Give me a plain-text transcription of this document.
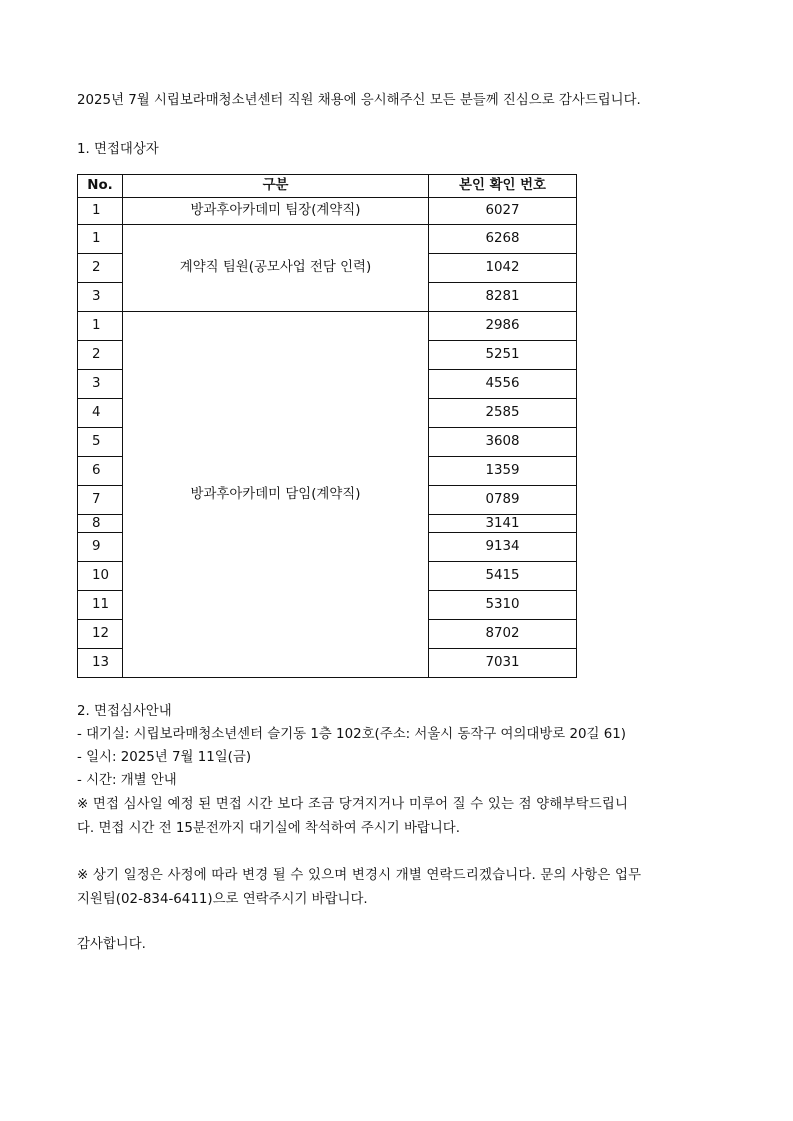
2025년 7월 시립보라매청소년센터 직원 채용에 응시해주신 모든 분들께 진심으로 감사드립니다.
1. 면접대상자
No.	구분	본인 확인 번호
1	방과후아카데미 팀장(계약직)	6027
1	계약직 팀원(공모사업 전담 인력)	6268
2		1042
3		8281
1	방과후아카데미 담임(계약직)	2986
2		5251
3		4556
4		2585
5		3608
6		1359
7		0789
8		3141
9		9134
10		5415
11		5310
12		8702
13		7031
2. 면접심사안내
- 대기실: 시립보라매청소년센터 슬기동 1층 102호(주소: 서울시 동작구 여의대방로 20길 61)
- 일시: 2025년 7월 11일(금)
- 시간: 개별 안내
※ 면접 심사일 예정 된 면접 시간 보다 조금 당겨지거나 미루어 질 수 있는 점 양해부탁드립니
다. 면접 시간 전 15분전까지 대기실에 착석하여 주시기 바랍니다.
※ 상기 일정은 사정에 따라 변경 될 수 있으며 변경시 개별 연락드리겠습니다. 문의 사항은 업무
지원팀(02-834-6411)으로 연락주시기 바랍니다.
감사합니다.
